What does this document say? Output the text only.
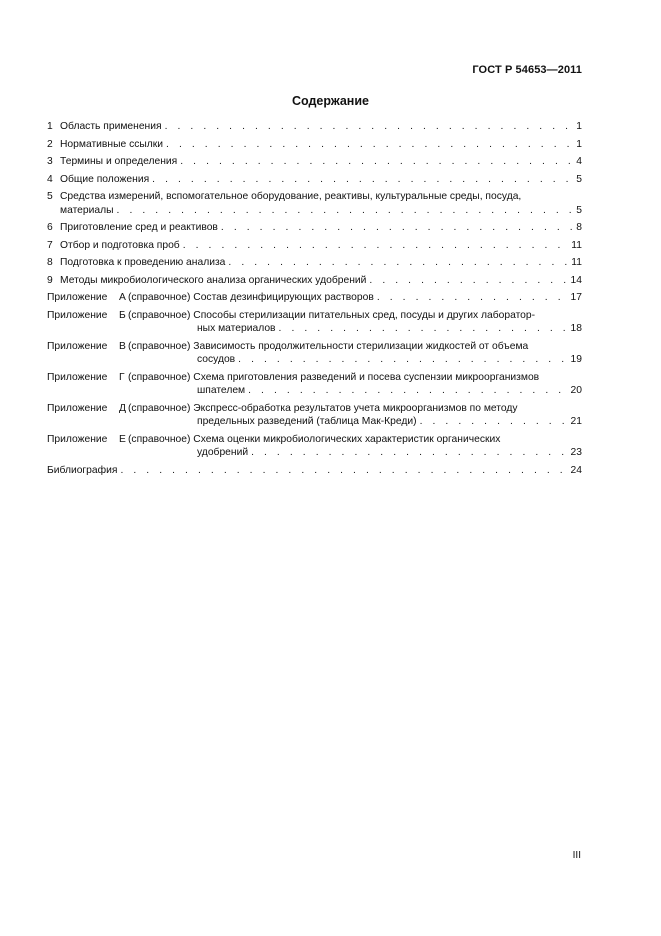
ГОСТ Р 54653—2011
Содержание
1 Область применения . . .	1
2 Нормативные ссылки . . .	1
3 Термины и определения . . .	4
4 Общие положения . . .	5
5 Средства измерений, вспомогательное оборудование, реактивы, культуральные среды, посуда,
материалы . . .	5
6 Приготовление сред и реактивов . . .	8
7 Отбор и подготовка проб . . .	11
8 Подготовка к проведению анализа . . .	11
9 Методы микробиологического анализа органических удобрений . . .	14
Приложение А (справочное) Состав дезинфицирующих растворов . . .	17
Приложение Б (справочное) Способы стерилизации питательных сред, посуды и других лаборатор-
ных материалов . . .	18
Приложение В (справочное) Зависимость продолжительности стерилизации жидкостей от объема
сосудов . . .	19
Приложение Г (справочное) Схема приготовления разведений и посева суспензии микроорганизмов
шпателем . . .	20
Приложение Д (справочное) Экспресс-обработка результатов учета микроорганизмов по методу
предельных разведений (таблица Мак-Креди) . . .	21
Приложение Е (справочное) Схема оценки микробиологических характеристик органических
удобрений . . .	23
Библиография . . .	24
III
